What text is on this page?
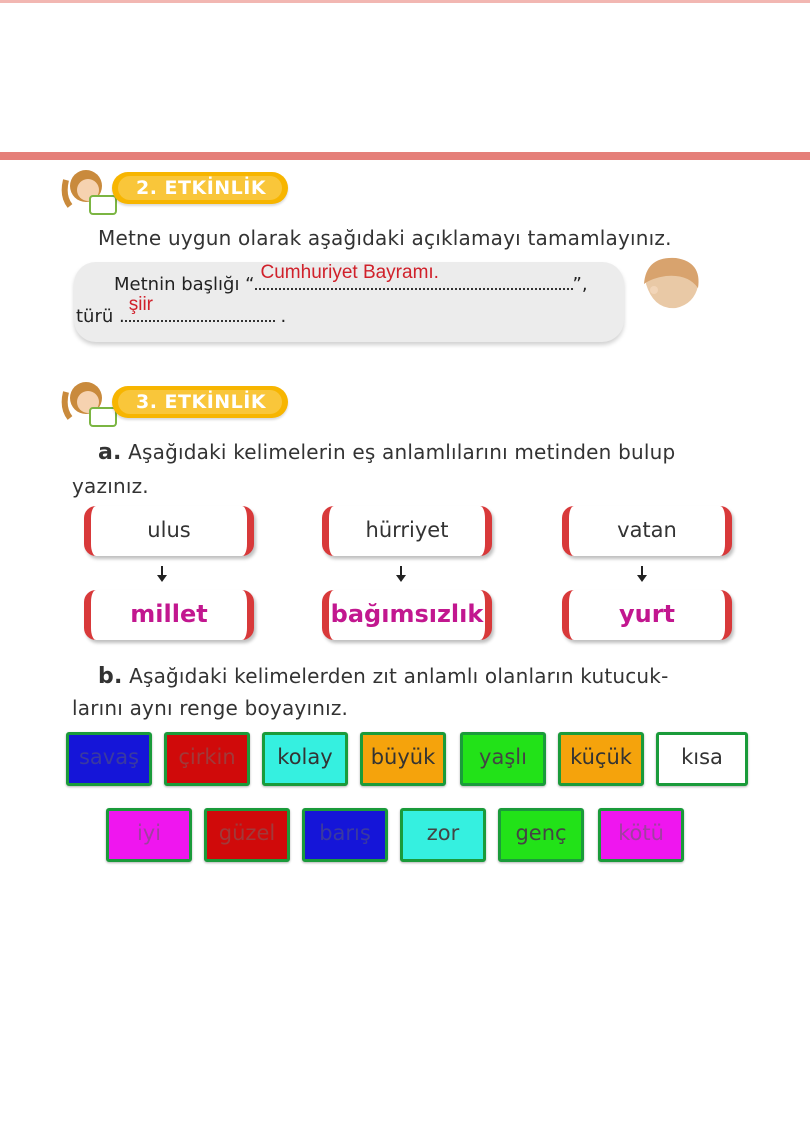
2. ETKİNLİK
Metne uygun olarak aşağıdaki açıklamayı tamamlayınız.
Metnin başlığı “
Cumhuriyet Bayramı.
”,
türü .
şiir
.
3. ETKİNLİK
a. Aşağıdaki kelimelerin eş anlamlılarını metinden bulup
yazınız.
ulus
millet
hürriyet
bağımsızlık
vatan
yurt
b. Aşağıdaki kelimelerden zıt anlamlı olanların kutucuk-
larını aynı renge boyayınız.
savaş	çirkin	kolay	büyük	yaşlı	küçük	kısa
iyi	güzel	barış	zor	genç	kötü
